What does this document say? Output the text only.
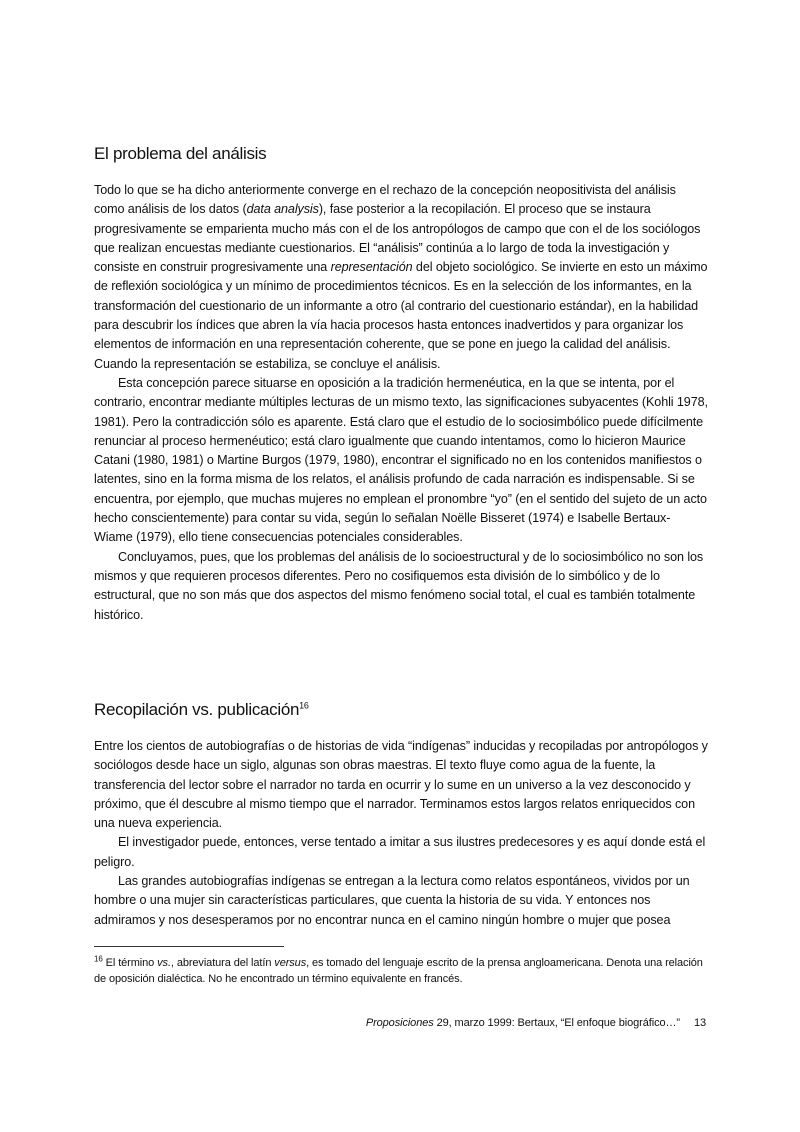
El problema del análisis

Todo lo que se ha dicho anteriormente converge en el rechazo de la concepción neopositivista del análisis como análisis de los datos (data analysis), fase posterior a la recopilación. El proceso que se instaura progresivamente se emparienta mucho más con el de los antropólogos de campo que con el de los sociólogos que realizan encuestas mediante cuestionarios. El “análisis” continúa a lo largo de toda la investigación y consiste en construir progresivamente una representación del objeto sociológico. Se invierte en esto un máximo de reflexión sociológica y un mínimo de procedimientos técnicos. Es en la selección de los informantes, en la transformación del cuestionario de un informante a otro (al contrario del cuestionario estándar), en la habilidad para descubrir los índices que abren la vía hacia procesos hasta entonces inadvertidos y para organizar los elementos de información en una representación coherente, que se pone en juego la calidad del análisis. Cuando la representación se estabiliza, se concluye el análisis.

Esta concepción parece situarse en oposición a la tradición hermenéutica, en la que se intenta, por el contrario, encontrar mediante múltiples lecturas de un mismo texto, las significaciones subyacentes (Kohli 1978, 1981). Pero la contradicción sólo es aparente. Está claro que el estudio de lo sociosimbólico puede difícilmente renunciar al proceso hermenéutico; está claro igualmente que cuando intentamos, como lo hicieron Maurice Catani (1980, 1981) o Martine Burgos (1979, 1980), encontrar el significado no en los contenidos manifiestos o latentes, sino en la forma misma de los relatos, el análisis profundo de cada narración es indispensable. Si se encuentra, por ejemplo, que muchas mujeres no emplean el pronombre “yo” (en el sentido del sujeto de un acto hecho conscientemente) para contar su vida, según lo señalan Noëlle Bisseret (1974) e Isabelle Bertaux-Wiame (1979), ello tiene consecuencias potenciales considerables.

Concluyamos, pues, que los problemas del análisis de lo socioestructural y de lo sociosimbólico no son los mismos y que requieren procesos diferentes. Pero no cosifiquemos esta división de lo simbólico y de lo estructural, que no son más que dos aspectos del mismo fenómeno social total, el cual es también totalmente histórico.

Recopilación vs. publicación$^{16}$

Entre los cientos de autobiografías o de historias de vida “indígenas” inducidas y recopiladas por antropólogos y sociólogos desde hace un siglo, algunas son obras maestras. El texto fluye como agua de la fuente, la transferencia del lector sobre el narrador no tarda en ocurrir y lo sume en un universo a la vez desconocido y próximo, que él descubre al mismo tiempo que el narrador. Terminamos estos largos relatos enriquecidos con una nueva experiencia.

El investigador puede, entonces, verse tentado a imitar a sus ilustres predecesores y es aquí donde está el peligro.

Las grandes autobiografías indígenas se entregan a la lectura como relatos espontáneos, vividos por un hombre o una mujer sin características particulares, que cuenta la historia de su vida. Y entonces nos admiramos y nos desesperamos por no encontrar nunca en el camino ningún hombre o mujer que posea

$^{16}$ El término vs., abreviatura del latín versus, es tomado del lenguaje escrito de la prensa angloamericana. Denota una relación de oposición dialéctica. No he encontrado un término equivalente en francés.

Proposiciones 29, marzo 1999: Bertaux, “El enfoque biográfico…” 13
